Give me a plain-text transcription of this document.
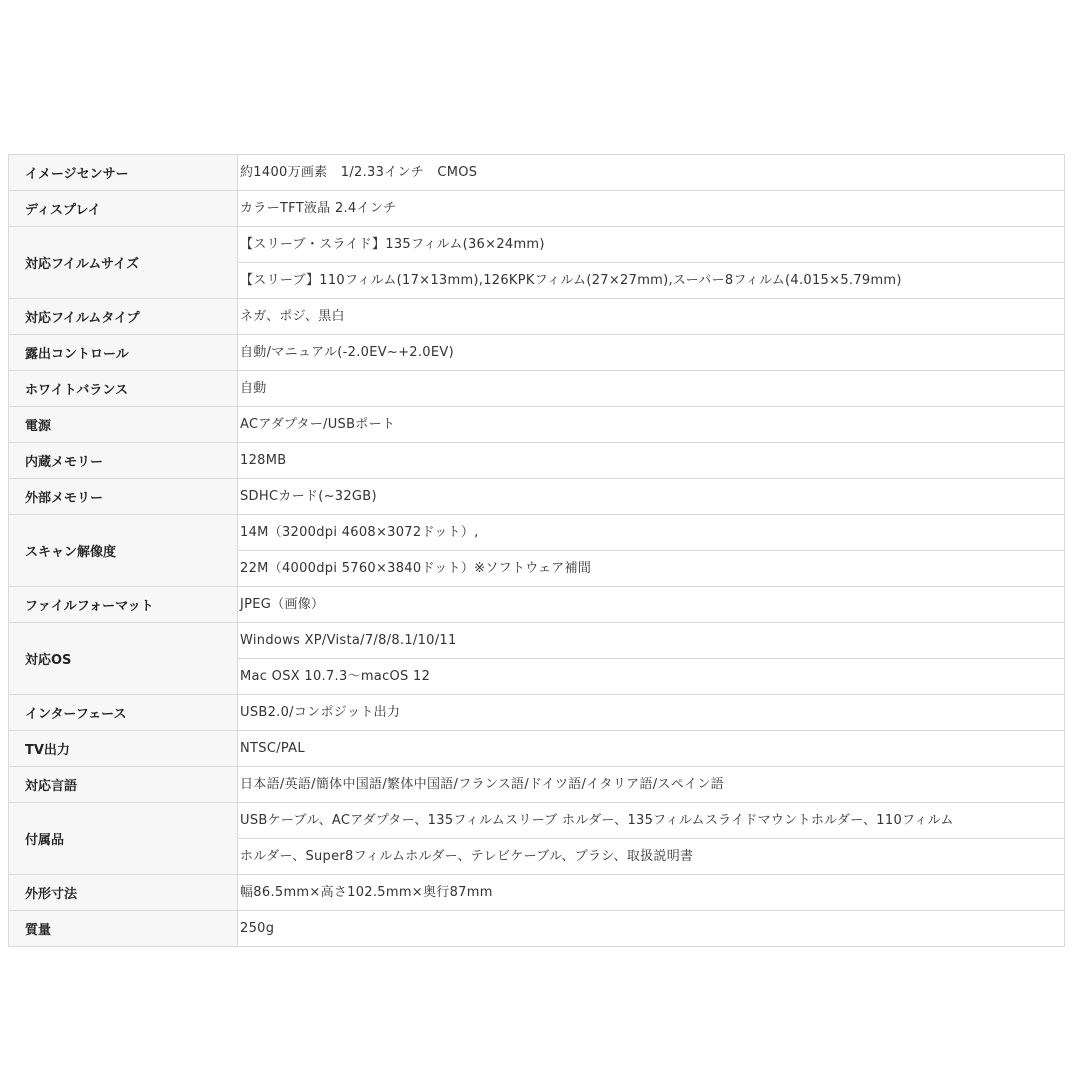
イメージセンサー	約1400万画素　1/2.33インチ　CMOS

ディスプレイ	カラーTFT液晶 2.4インチ

対応フイルムサイズ	【スリーブ・スライド】135フィルム(36×24mm)
【スリーブ】110フィルム(17×13mm),126KPKフィルム(27×27mm),スーパー8フィルム(4.015×5.79mm)

対応フイルムタイプ	ネガ、ポジ、黒白

露出コントロール	自動/マニュアル(-2.0EV~+2.0EV)

ホワイトバランス	自動

電源	ACアダプター/USBポート

内蔵メモリー	128MB

外部メモリー	SDHCカード(~32GB)

スキャン解像度	14M（3200dpi 4608×3072ドット）,
22M（4000dpi 5760×3840ドット）※ソフトウェア補間

ファイルフォーマット	JPEG（画像）

対応OS	Windows XP/Vista/7/8/8.1/10/11
Mac OSX 10.7.3〜macOS 12

インターフェース	USB2.0/コンポジット出力

TV出力	NTSC/PAL

対応言語	日本語/英語/簡体中国語/繁体中国語/フランス語/ドイツ語/イタリア語/スペイン語

付属品	USBケーブル、ACアダプター、135フィルムスリーブ ホルダー、135フィルムスライドマウントホルダー、110フィルム
ホルダー、Super8フィルムホルダー、テレビケーブル、ブラシ、取扱説明書

外形寸法	幅86.5mm×高さ102.5mm×奥行87mm

質量	250g
